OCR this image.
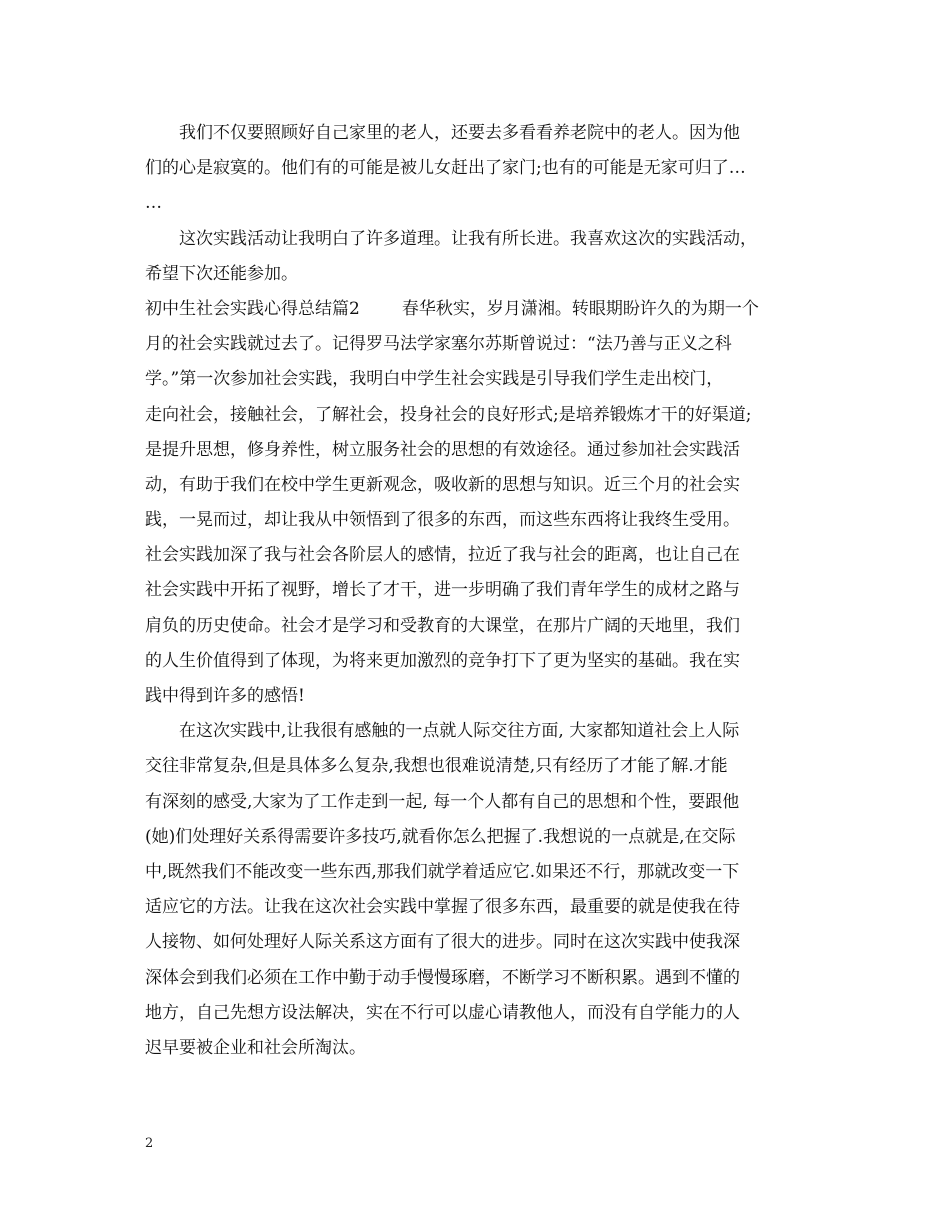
我们不仅要照顾好自己家里的老人，还要去多看看养老院中的老人。因为他
们的心是寂寞的。他们有的可能是被儿女赶出了家门;也有的可能是无家可归了…
…
这次实践活动让我明白了许多道理。让我有所长进。我喜欢这次的实践活动，
希望下次还能参加。
初中生社会实践心得总结篇2 春华秋实，岁月潇湘。转眼期盼许久的为期一个
月的社会实践就过去了。记得罗马法学家塞尔苏斯曾说过：“法乃善与正义之科
学。”第一次参加社会实践，我明白中学生社会实践是引导我们学生走出校门，
走向社会，接触社会，了解社会，投身社会的良好形式;是培养锻炼才干的好渠道;
是提升思想，修身养性，树立服务社会的思想的有效途径。通过参加社会实践活
动，有助于我们在校中学生更新观念，吸收新的思想与知识。近三个月的社会实
践，一晃而过，却让我从中领悟到了很多的东西，而这些东西将让我终生受用。
社会实践加深了我与社会各阶层人的感情，拉近了我与社会的距离，也让自己在
社会实践中开拓了视野，增长了才干，进一步明确了我们青年学生的成材之路与
肩负的历史使命。社会才是学习和受教育的大课堂，在那片广阔的天地里，我们
的人生价值得到了体现，为将来更加激烈的竞争打下了更为坚实的基础。我在实
践中得到许多的感悟!
在这次实践中,让我很有感触的一点就人际交往方面, 大家都知道社会上人际
交往非常复杂,但是具体多么复杂,我想也很难说清楚,只有经历了才能了解.才能
有深刻的感受,大家为了工作走到一起, 每一个人都有自己的思想和个性，要跟他
(她)们处理好关系得需要许多技巧,就看你怎么把握了.我想说的一点就是,在交际
中,既然我们不能改变一些东西,那我们就学着适应它.如果还不行，那就改变一下
适应它的方法。让我在这次社会实践中掌握了很多东西，最重要的就是使我在待
人接物、如何处理好人际关系这方面有了很大的进步。同时在这次实践中使我深
深体会到我们必须在工作中勤于动手慢慢琢磨，不断学习不断积累。遇到不懂的
地方，自己先想方设法解决，实在不行可以虚心请教他人，而没有自学能力的人
迟早要被企业和社会所淘汰。
2
